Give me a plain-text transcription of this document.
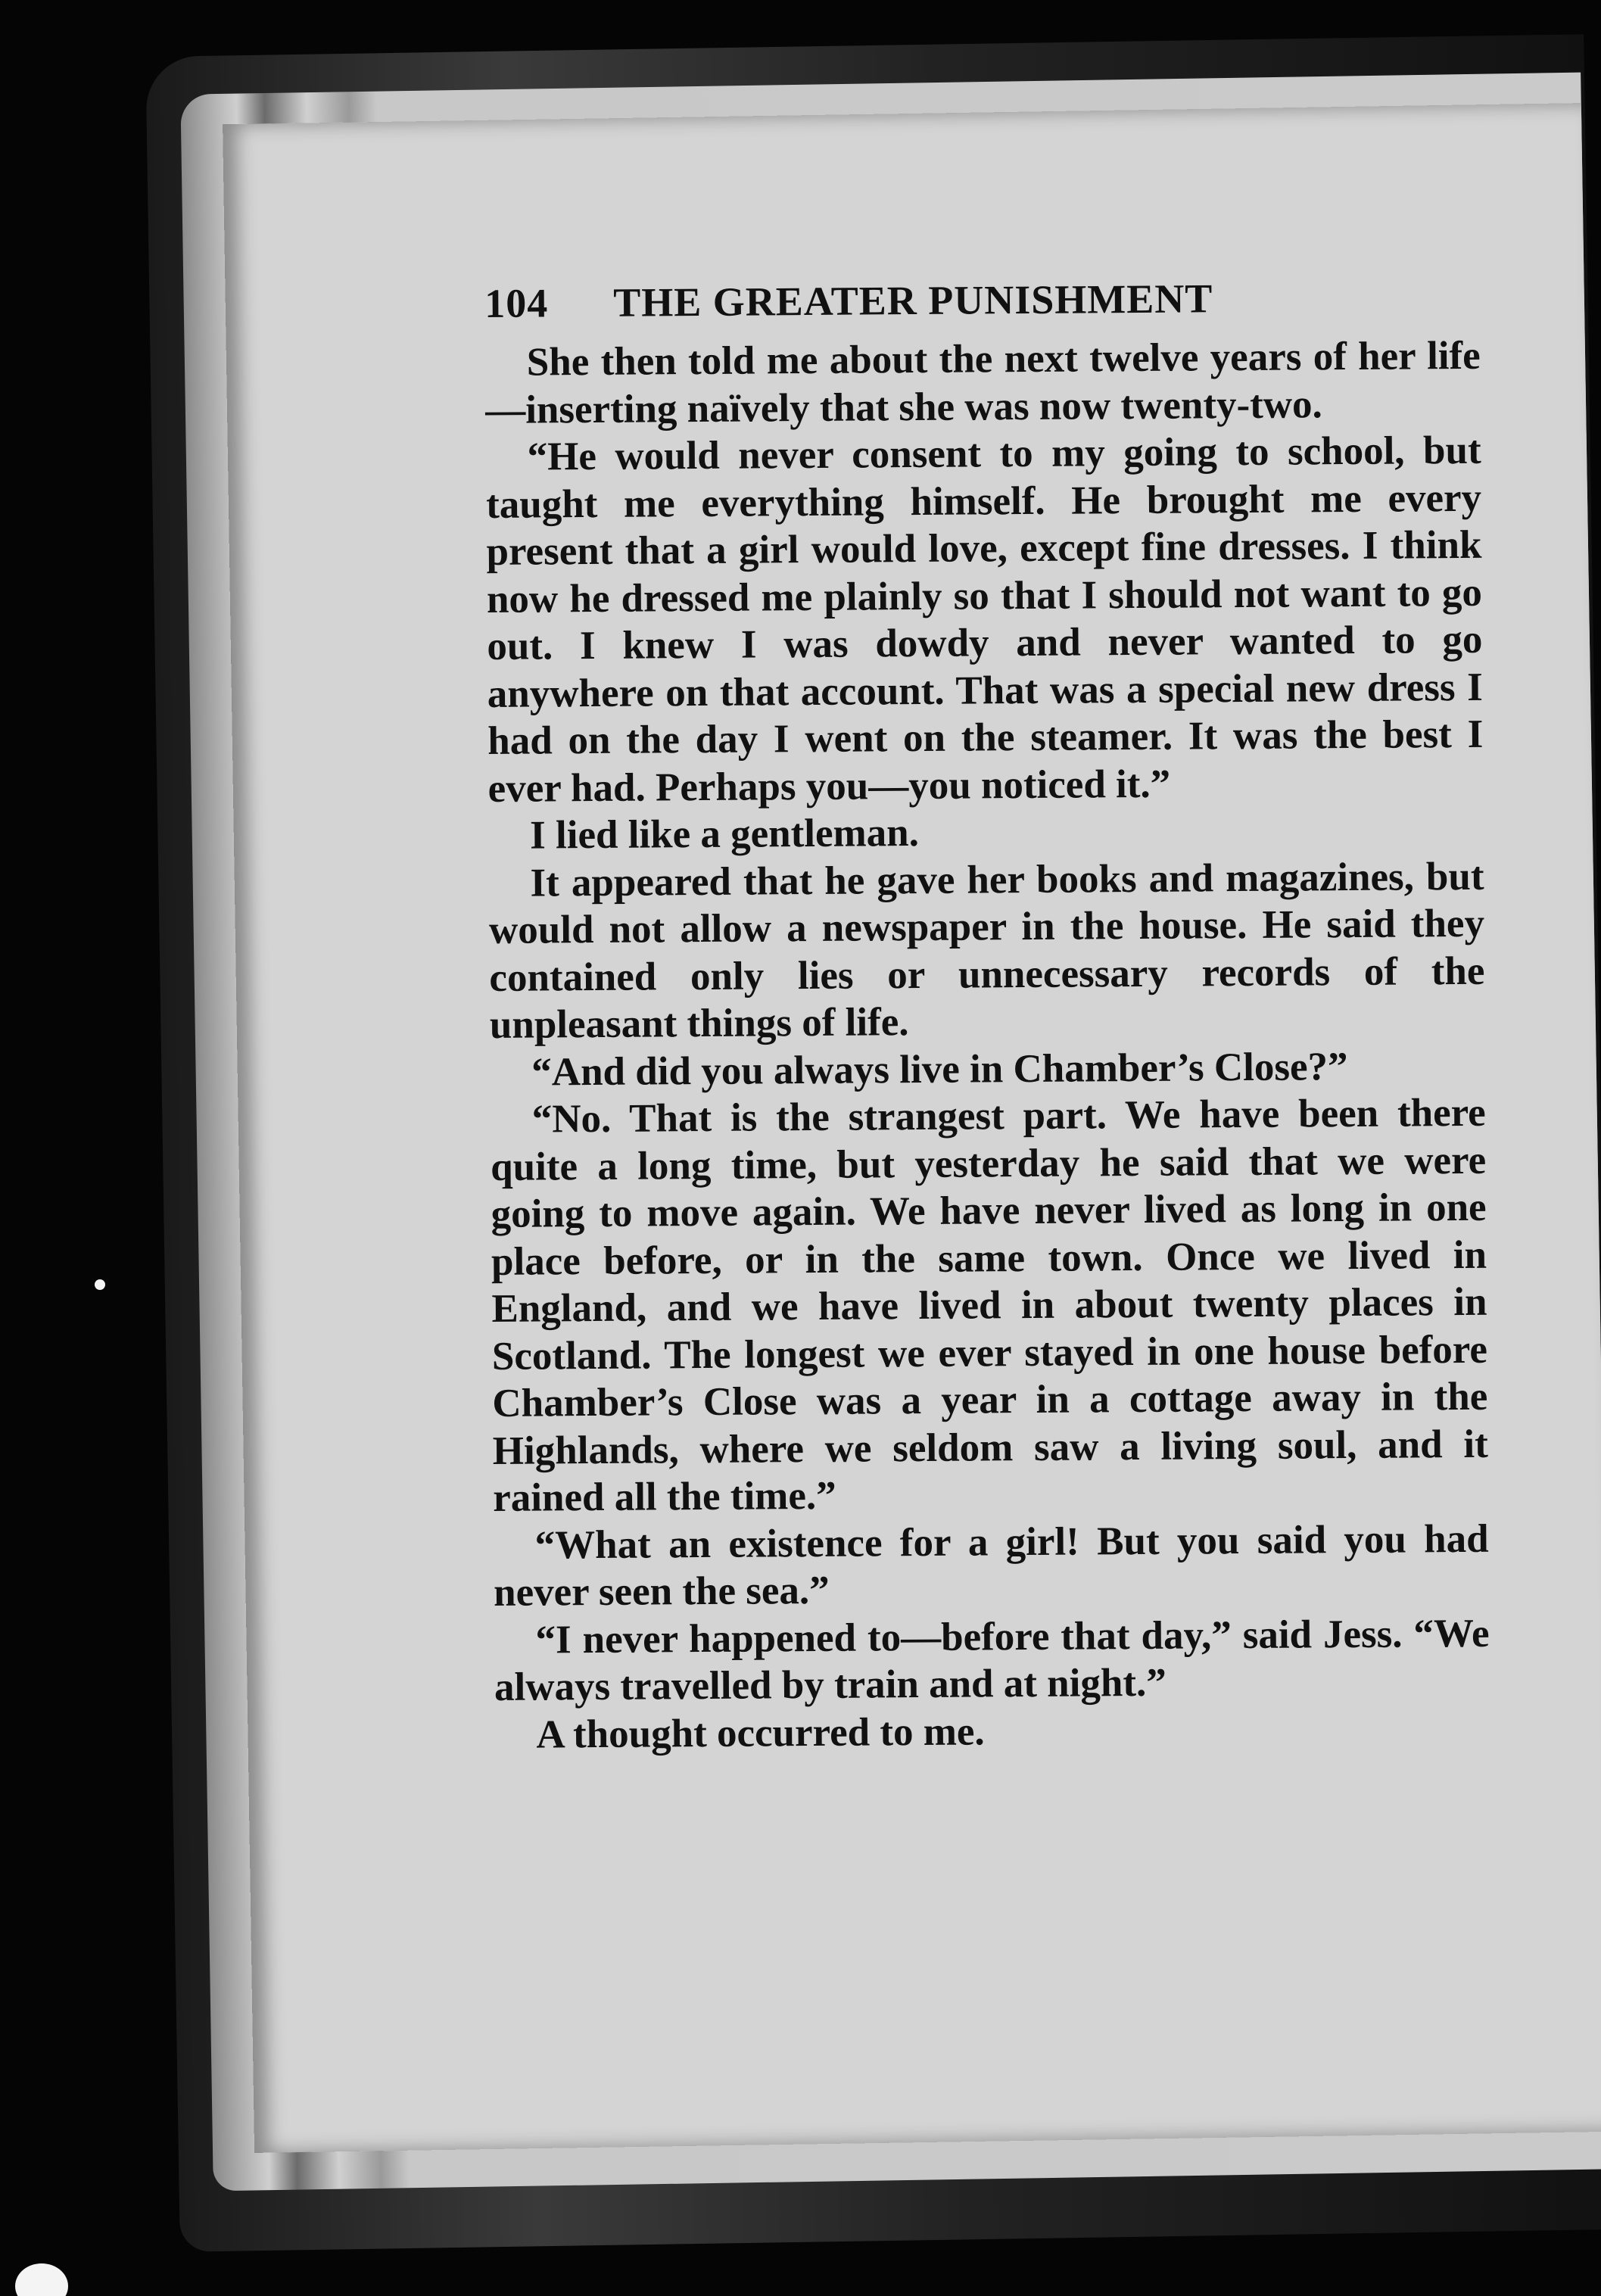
104	THE GREATER PUNISHMENT

She then told me about the next twelve years of her life—inserting naïvely that she was now twenty-two.

“He would never consent to my going to school, but taught me everything himself. He brought me every present that a girl would love, except fine dresses. I think now he dressed me plainly so that I should not want to go out. I knew I was dowdy and never wanted to go anywhere on that account. That was a special new dress I had on the day I went on the steamer. It was the best I ever had. Perhaps you—you noticed it.”

I lied like a gentleman.

It appeared that he gave her books and magazines, but would not allow a newspaper in the house. He said they contained only lies or unnecessary records of the unpleasant things of life.

“And did you always live in Chamber’s Close?”

“No. That is the strangest part. We have been there quite a long time, but yesterday he said that we were going to move again. We have never lived as long in one place before, or in the same town. Once we lived in England, and we have lived in about twenty places in Scotland. The longest we ever stayed in one house before Chamber’s Close was a year in a cottage away in the Highlands, where we seldom saw a living soul, and it rained all the time.”

“What an existence for a girl! But you said you had never seen the sea.”

“I never happened to—before that day,” said Jess. “We always travelled by train and at night.”

A thought occurred to me.
